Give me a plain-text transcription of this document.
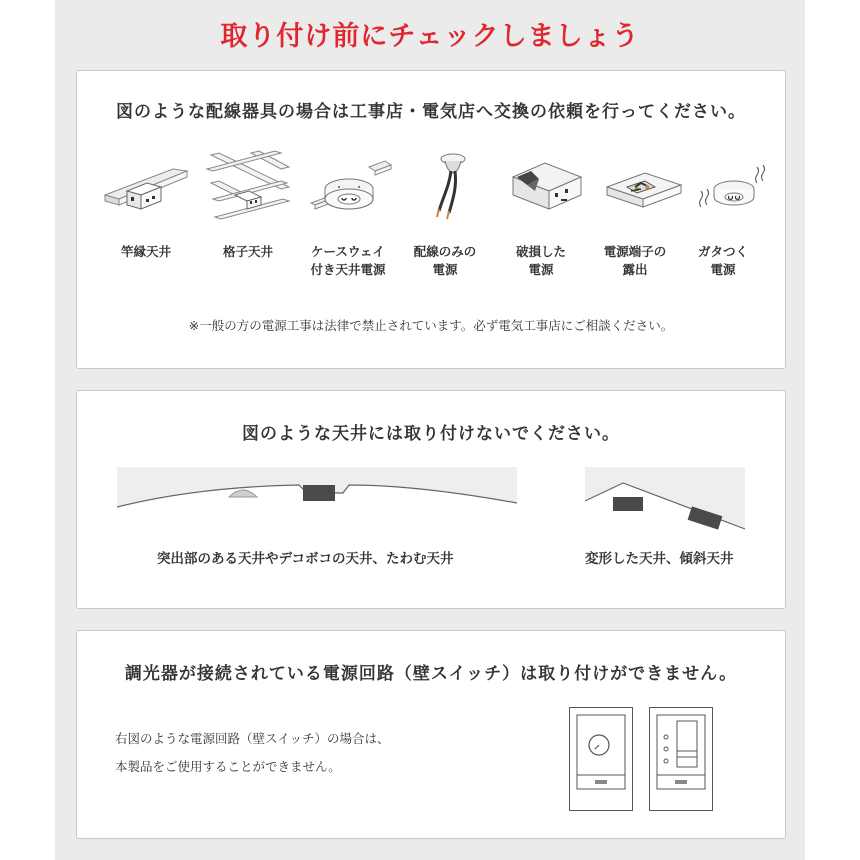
取り付け前にチェックしましょう
図のような配線器具の場合は工事店・電気店へ交換の依頼を行ってください。
竿縁天井	格子天井	ケースウェイ
付き天井電源
配線のみの
電源
破損した
電源
電源端子の
露出
ガタつく
電源
※一般の方の電源工事は法律で禁止されています。必ず電気工事店にご相談ください。
図のような天井には取り付けないでください。
突出部のある天井やデコボコの天井、たわむ天井	変形した天井、傾斜天井
調光器が接続されている電源回路（壁スイッチ）は取り付けができません。
右図のような電源回路（壁スイッチ）の場合は、
本製品をご使用することができません。
